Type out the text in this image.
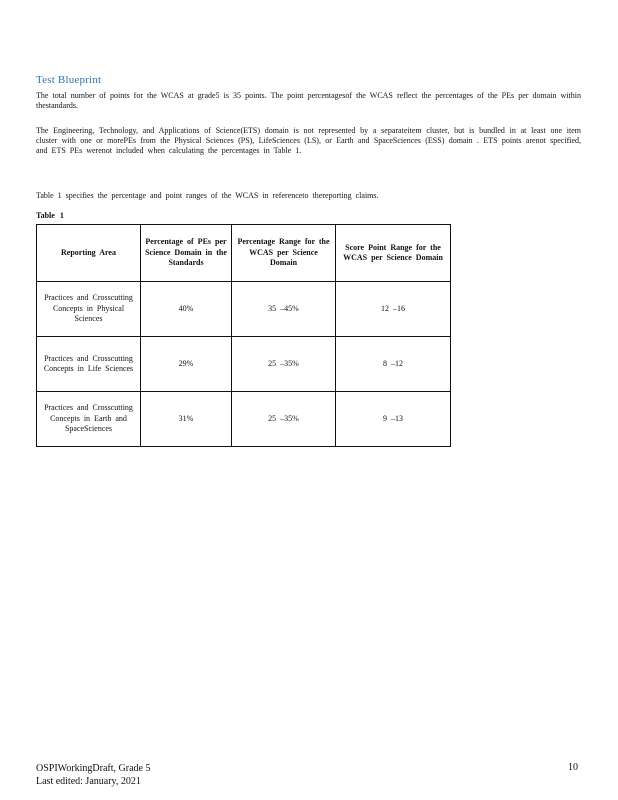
Test Blueprint

The total number of points for the WCAS at grade5 is 35 points. The point percentagesof the WCAS reflect the percentages of the PEs per domain within thestandards.

The Engineering, Technology, and Applications of Science(ETS) domain is not represented by a separateitem cluster, but is bundled in at least one item cluster with one or morePEs from the Physical Sciences (PS), LifeSciences (LS), or Earth and SpaceSciences (ESS) domain . ETS points arenot specified, and ETS PEs werenot included when calculating the percentages in Table 1.

Table 1 specifies the percentage and point ranges of the WCAS in referenceto thereporting claims.

Table 1
Reporting Area	Percentage of PEs per Science Domain in the Standards	Percentage Range for the WCAS per Science Domain	Score Point Range for the WCAS per Science Domain
Practices and Crosscutting Concepts in Physical Sciences	40%	35 –45%	12 –16
Practices and Crosscutting Concepts in Life Sciences	29%	25 –35%	8 –12
Practices and Crosscutting Concepts in Earth and SpaceSciences	31%	25 –35%	9 –13
OSPIWorkingDraft, Grade 5
Last edited: January, 2021
10
